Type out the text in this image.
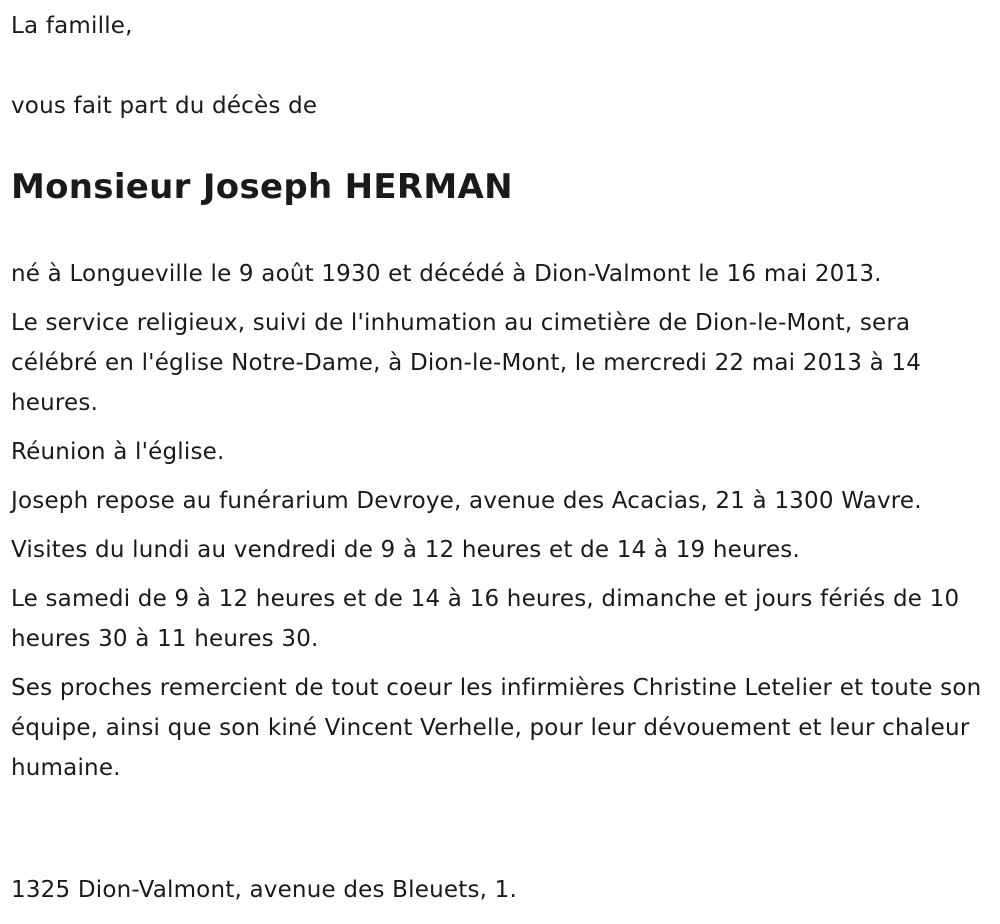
La famille,

vous fait part du décès de

Monsieur Joseph HERMAN

né à Longueville le 9 août 1930 et décédé à Dion-Valmont le 16 mai 2013.

Le service religieux, suivi de l'inhumation au cimetière de Dion-le-Mont, sera célébré en l'église Notre-Dame, à Dion-le-Mont, le mercredi 22 mai 2013 à 14 heures.

Réunion à l'église.

Joseph repose au funérarium Devroye, avenue des Acacias, 21 à 1300 Wavre.

Visites du lundi au vendredi de 9 à 12 heures et de 14 à 19 heures.

Le samedi de 9 à 12 heures et de 14 à 16 heures, dimanche et jours fériés de 10 heures 30 à 11 heures 30.

Ses proches remercient de tout coeur les infirmières Christine Letelier et toute son équipe, ainsi que son kiné Vincent Verhelle, pour leur dévouement et leur chaleur humaine.

1325 Dion-Valmont, avenue des Bleuets, 1.
